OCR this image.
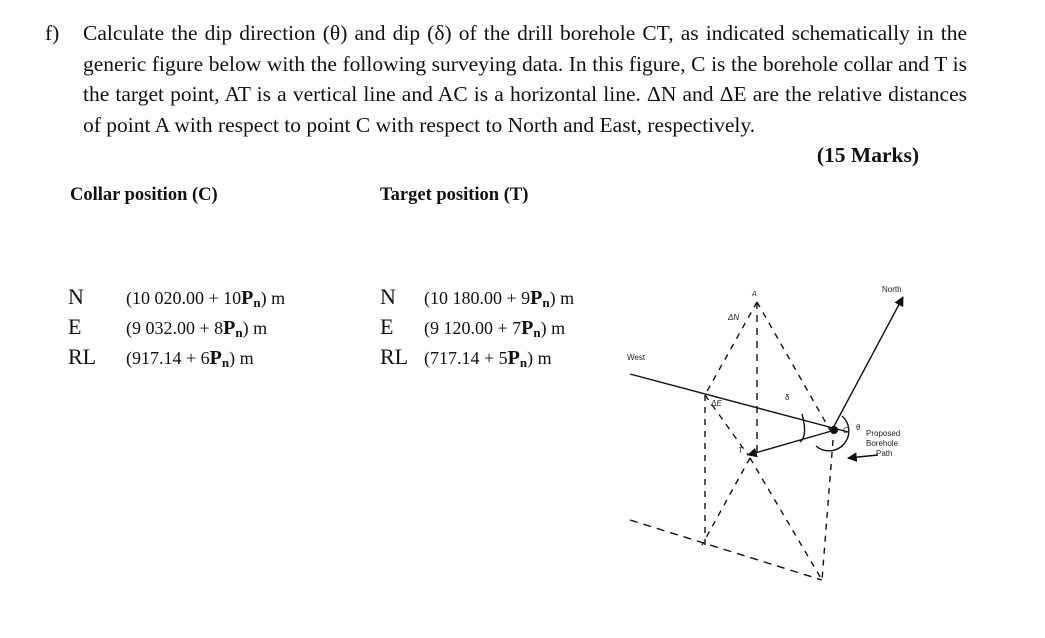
f) Calculate the dip direction (θ) and dip (δ) of the drill borehole CT, as indicated schematically in the generic figure below with the following surveying data. In this figure, C is the borehole collar and T is the target point, AT is a vertical line and AC is a horizontal line. ΔN and ΔE are the relative distances of point A with respect to point C with respect to North and East, respectively.
(15 Marks)
Collar position (C)	Target position (T)
N	(10 $020.00 + 10P_n$) m
E	(9 $032.00 + 8P_n$) m
RL	$(917.14 + 6P_n)$ m
N	(10 $180.00 + 9P_n$) m
E	(9 $120.00 + 7P_n$) m
RL $(717.14 + 5P_n)$ m
North
West
A
ΔN
ΔE
δ
θ
C
T
Proposed
Borehole
Path
